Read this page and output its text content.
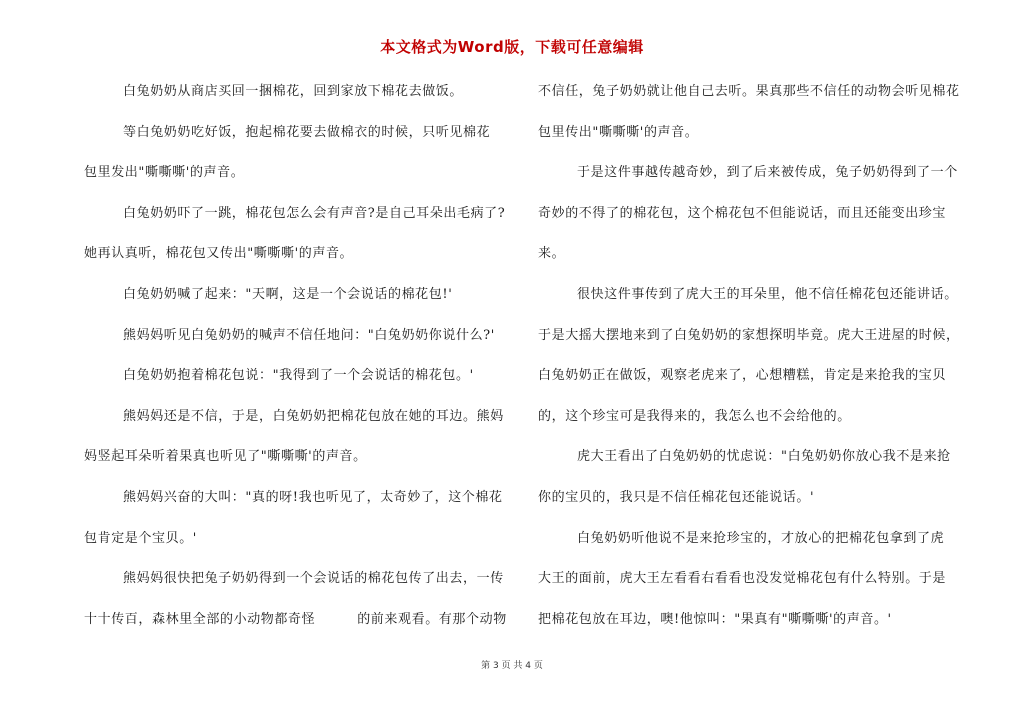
本文格式为Word版，下载可任意编辑
白兔奶奶从商店买回一捆棉花，回到家放下棉花去做饭。
等白兔奶奶吃好饭，抱起棉花要去做棉衣的时候，只听见棉花
包里发出"嘶嘶嘶'的声音。
白兔奶奶吓了一跳，棉花包怎么会有声音?是自己耳朵出毛病了?
她再认真听，棉花包又传出"嘶嘶嘶'的声音。
白兔奶奶喊了起来："天啊，这是一个会说话的棉花包!'
熊妈妈听见白兔奶奶的喊声不信任地问："白兔奶奶你说什么?'
白兔奶奶抱着棉花包说："我得到了一个会说话的棉花包。'
熊妈妈还是不信，于是，白兔奶奶把棉花包放在她的耳边。熊妈
妈竖起耳朵听着果真也听见了"嘶嘶嘶'的声音。
熊妈妈兴奋的大叫："真的呀!我也听见了，太奇妙了，这个棉花
包肯定是个宝贝。'
熊妈妈很快把兔子奶奶得到一个会说话的棉花包传了出去，一传
十十传百，森林里全部的小动物都奇怪	的前来观看。有那个动物
不信任，兔子奶奶就让他自己去听。果真那些不信任的动物会听见棉花
包里传出"嘶嘶嘶'的声音。
于是这件事越传越奇妙，到了后来被传成，兔子奶奶得到了一个
奇妙的不得了的棉花包，这个棉花包不但能说话，而且还能变出珍宝
来。
很快这件事传到了虎大王的耳朵里，他不信任棉花包还能讲话。
于是大摇大摆地来到了白兔奶奶的家想探明毕竟。虎大王进屋的时候，
白兔奶奶正在做饭，观察老虎来了，心想糟糕，肯定是来抢我的宝贝
的，这个珍宝可是我得来的，我怎么也不会给他的。
虎大王看出了白兔奶奶的忧虑说："白兔奶奶你放心我不是来抢
你的宝贝的，我只是不信任棉花包还能说话。'
白兔奶奶听他说不是来抢珍宝的，才放心的把棉花包拿到了虎
大王的面前，虎大王左看看右看看也没发觉棉花包有什么特别。于是
把棉花包放在耳边，噢!他惊叫："果真有"嘶嘶嘶'的声音。'
第 3 页 共 4 页
